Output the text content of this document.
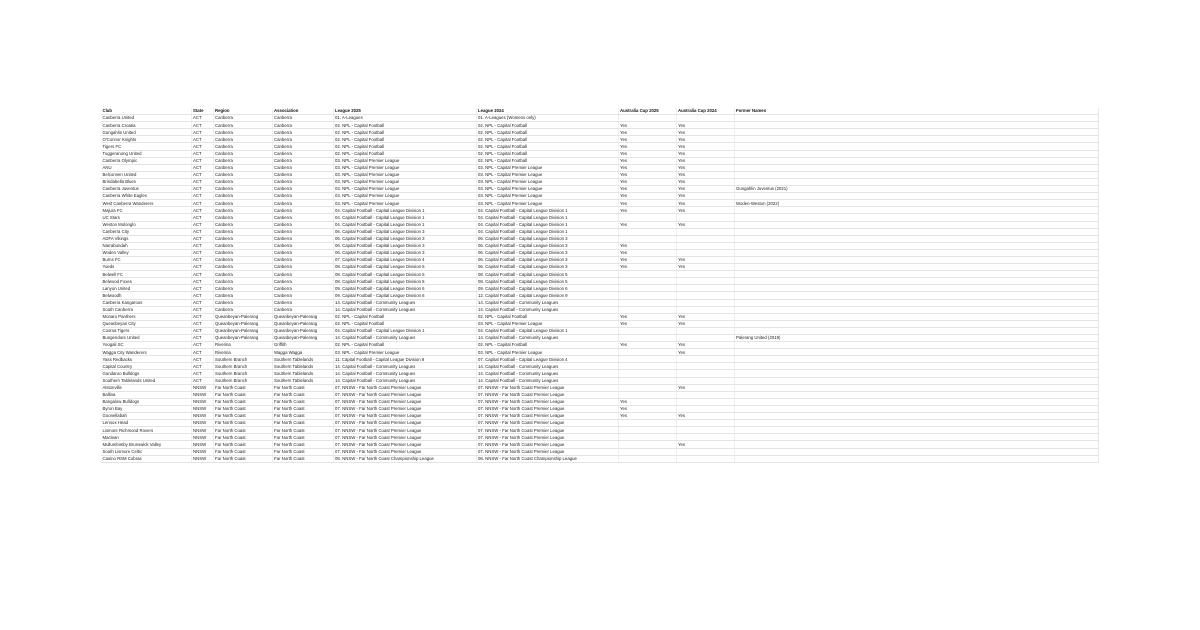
Club	State	Region	Association	League 2025	League 2024	Australia Cup 2025	Australia Cup 2024	Former Names
Canberra United	ACT	Canberra	Canberra	01. A-Leagues	01. A-Leagues (Womens only)			
Canberra Croatia	ACT	Canberra	Canberra	02. NPL - Capital Football	02. NPL - Capital Football	Yes	Yes	
Gungahlin United	ACT	Canberra	Canberra	02. NPL - Capital Football	02. NPL - Capital Football	Yes	Yes	
O'Connor Knights	ACT	Canberra	Canberra	02. NPL - Capital Football	02. NPL - Capital Football	Yes	Yes	
Tigers FC	ACT	Canberra	Canberra	02. NPL - Capital Football	02. NPL - Capital Football	Yes	Yes	
Tuggeranong United	ACT	Canberra	Canberra	02. NPL - Capital Football	02. NPL - Capital Football	Yes	Yes	
Canberra Olympic	ACT	Canberra	Canberra	03. NPL - Capital Premier League	02. NPL - Capital Football	Yes	Yes	
ANU	ACT	Canberra	Canberra	03. NPL - Capital Premier League	03. NPL - Capital Premier League	Yes	Yes	
Belconnen United	ACT	Canberra	Canberra	03. NPL - Capital Premier League	03. NPL - Capital Premier League	Yes	Yes	
Brindabella Blues	ACT	Canberra	Canberra	03. NPL - Capital Premier League	03. NPL - Capital Premier League	Yes	Yes	
Canberra Juventus	ACT	Canberra	Canberra	03. NPL - Capital Premier League	03. NPL - Capital Premier League	Yes	Yes	Gungahlin Juventus (2021)
Canberra White Eagles	ACT	Canberra	Canberra	03. NPL - Capital Premier League	03. NPL - Capital Premier League	Yes	Yes	
West Canberra Wanderers	ACT	Canberra	Canberra	03. NPL - Capital Premier League	03. NPL - Capital Premier League	Yes	Yes	Woden-Weston (2022)
Majura FC	ACT	Canberra	Canberra	04. Capital Football - Capital League Division 1	04. Capital Football - Capital League Division 1	Yes	Yes	
UC Stars	ACT	Canberra	Canberra	04. Capital Football - Capital League Division 1	04. Capital Football - Capital League Division 1			
Weston Molonglo	ACT	Canberra	Canberra	04. Capital Football - Capital League Division 1	04. Capital Football - Capital League Division 1	Yes	Yes	
Canberra City	ACT	Canberra	Canberra	06. Capital Football - Capital League Division 3	04. Capital Football - Capital League Division 1			
ADFA Vikings	ACT	Canberra	Canberra	06. Capital Football - Capital League Division 3	06. Capital Football - Capital League Division 3			
Narrabundah	ACT	Canberra	Canberra	06. Capital Football - Capital League Division 3	06. Capital Football - Capital League Division 3	Yes		
Woden Valley	ACT	Canberra	Canberra	06. Capital Football - Capital League Division 3	06. Capital Football - Capital League Division 3	Yes		
Burns FC	ACT	Canberra	Canberra	07. Capital Football - Capital League Division 4	06. Capital Football - Capital League Division 3	Yes	Yes	
Yoeds	ACT	Canberra	Canberra	08. Capital Football - Capital League Division 5	06. Capital Football - Capital League Division 3	Yes	Yes	
Belwell FC	ACT	Canberra	Canberra	08. Capital Football - Capital League Division 5	08. Capital Football - Capital League Division 5			
Belwood Foxes	ACT	Canberra	Canberra	08. Capital Football - Capital League Division 5	08. Capital Football - Capital League Division 5			
Lanyon United	ACT	Canberra	Canberra	09. Capital Football - Capital League Division 6	09. Capital Football - Capital League Division 6			
Belwoodh	ACT	Canberra	Canberra	09. Capital Football - Capital League Division 6	12. Capital Football - Capital League Division 9			
Canberra Kangaroos	ACT	Canberra	Canberra	14. Capital Football - Community Leagues	14. Capital Football - Community Leagues			
South Canberra	ACT	Canberra	Canberra	14. Capital Football - Community Leagues	14. Capital Football - Community Leagues			
Monaro Panthers	ACT	Queanbeyan-Palerang	Queanbeyan-Palerang	02. NPL - Capital Football	02. NPL - Capital Football	Yes	Yes	
Queanbeyan City	ACT	Queanbeyan-Palerang	Queanbeyan-Palerang	02. NPL - Capital Football	03. NPL - Capital Premier League	Yes	Yes	
Cooma Tigers	ACT	Queanbeyan-Palerang	Queanbeyan-Palerang	04. Capital Football - Capital League Division 1	04. Capital Football - Capital League Division 1			
Bungendore United	ACT	Queanbeyan-Palerang	Queanbeyan-Palerang	14. Capital Football - Community Leagues	14. Capital Football - Community Leagues			Palerang United (2019)
Yoogali SC	ACT	Riverina	Griffith	02. NPL - Capital Football	02. NPL - Capital Football	Yes	Yes	
Wagga City Wanderers	ACT	Riverina	Wagga Wagga	03. NPL - Capital Premier League	03. NPL - Capital Premier League		Yes	
Yass Redbacks	ACT	Southern Branch	Southern Tablelands	11. Capital Football - Capital League Division 8	07. Capital Football - Capital League Division 4			
Capital Country	ACT	Southern Branch	Southern Tablelands	14. Capital Football - Community Leagues	14. Capital Football - Community Leagues			
Gundaroo Bulldogs	ACT	Southern Branch	Southern Tablelands	14. Capital Football - Community Leagues	14. Capital Football - Community Leagues			
Southern Tablelands United	ACT	Southern Branch	Southern Tablelands	14. Capital Football - Community Leagues	14. Capital Football - Community Leagues			
Alstonville	NNSW	Far North Coast	Far North Coast	07. NNSW - Far North Coast Premier League	07. NNSW - Far North Coast Premier League		Yes	
Ballina	NNSW	Far North Coast	Far North Coast	07. NNSW - Far North Coast Premier League	07. NNSW - Far North Coast Premier League			
Bangalow Bulldogs	NNSW	Far North Coast	Far North Coast	07. NNSW - Far North Coast Premier League	07. NNSW - Far North Coast Premier League	Yes		
Byron Bay	NNSW	Far North Coast	Far North Coast	07. NNSW - Far North Coast Premier League	07. NNSW - Far North Coast Premier League	Yes		
Goonellabah	NNSW	Far North Coast	Far North Coast	07. NNSW - Far North Coast Premier League	07. NNSW - Far North Coast Premier League	Yes	Yes	
Lennox Head	NNSW	Far North Coast	Far North Coast	07. NNSW - Far North Coast Premier League	07. NNSW - Far North Coast Premier League			
Lismore Richmond Rovers	NNSW	Far North Coast	Far North Coast	07. NNSW - Far North Coast Premier League	07. NNSW - Far North Coast Premier League			
Maclean	NNSW	Far North Coast	Far North Coast	07. NNSW - Far North Coast Premier League	07. NNSW - Far North Coast Premier League			
Mullumbimby Brunswick Valley	NNSW	Far North Coast	Far North Coast	07. NNSW - Far North Coast Premier League	07. NNSW - Far North Coast Premier League		Yes	
South Lismore Celtic	NNSW	Far North Coast	Far North Coast	07. NNSW - Far North Coast Premier League	07. NNSW - Far North Coast Premier League			
Casino RSM Cobras	NNSW	Far North Coast	Far North Coast	08. NNSW - Far North Coast Championship League	08. NNSW - Far North Coast Championship League			
